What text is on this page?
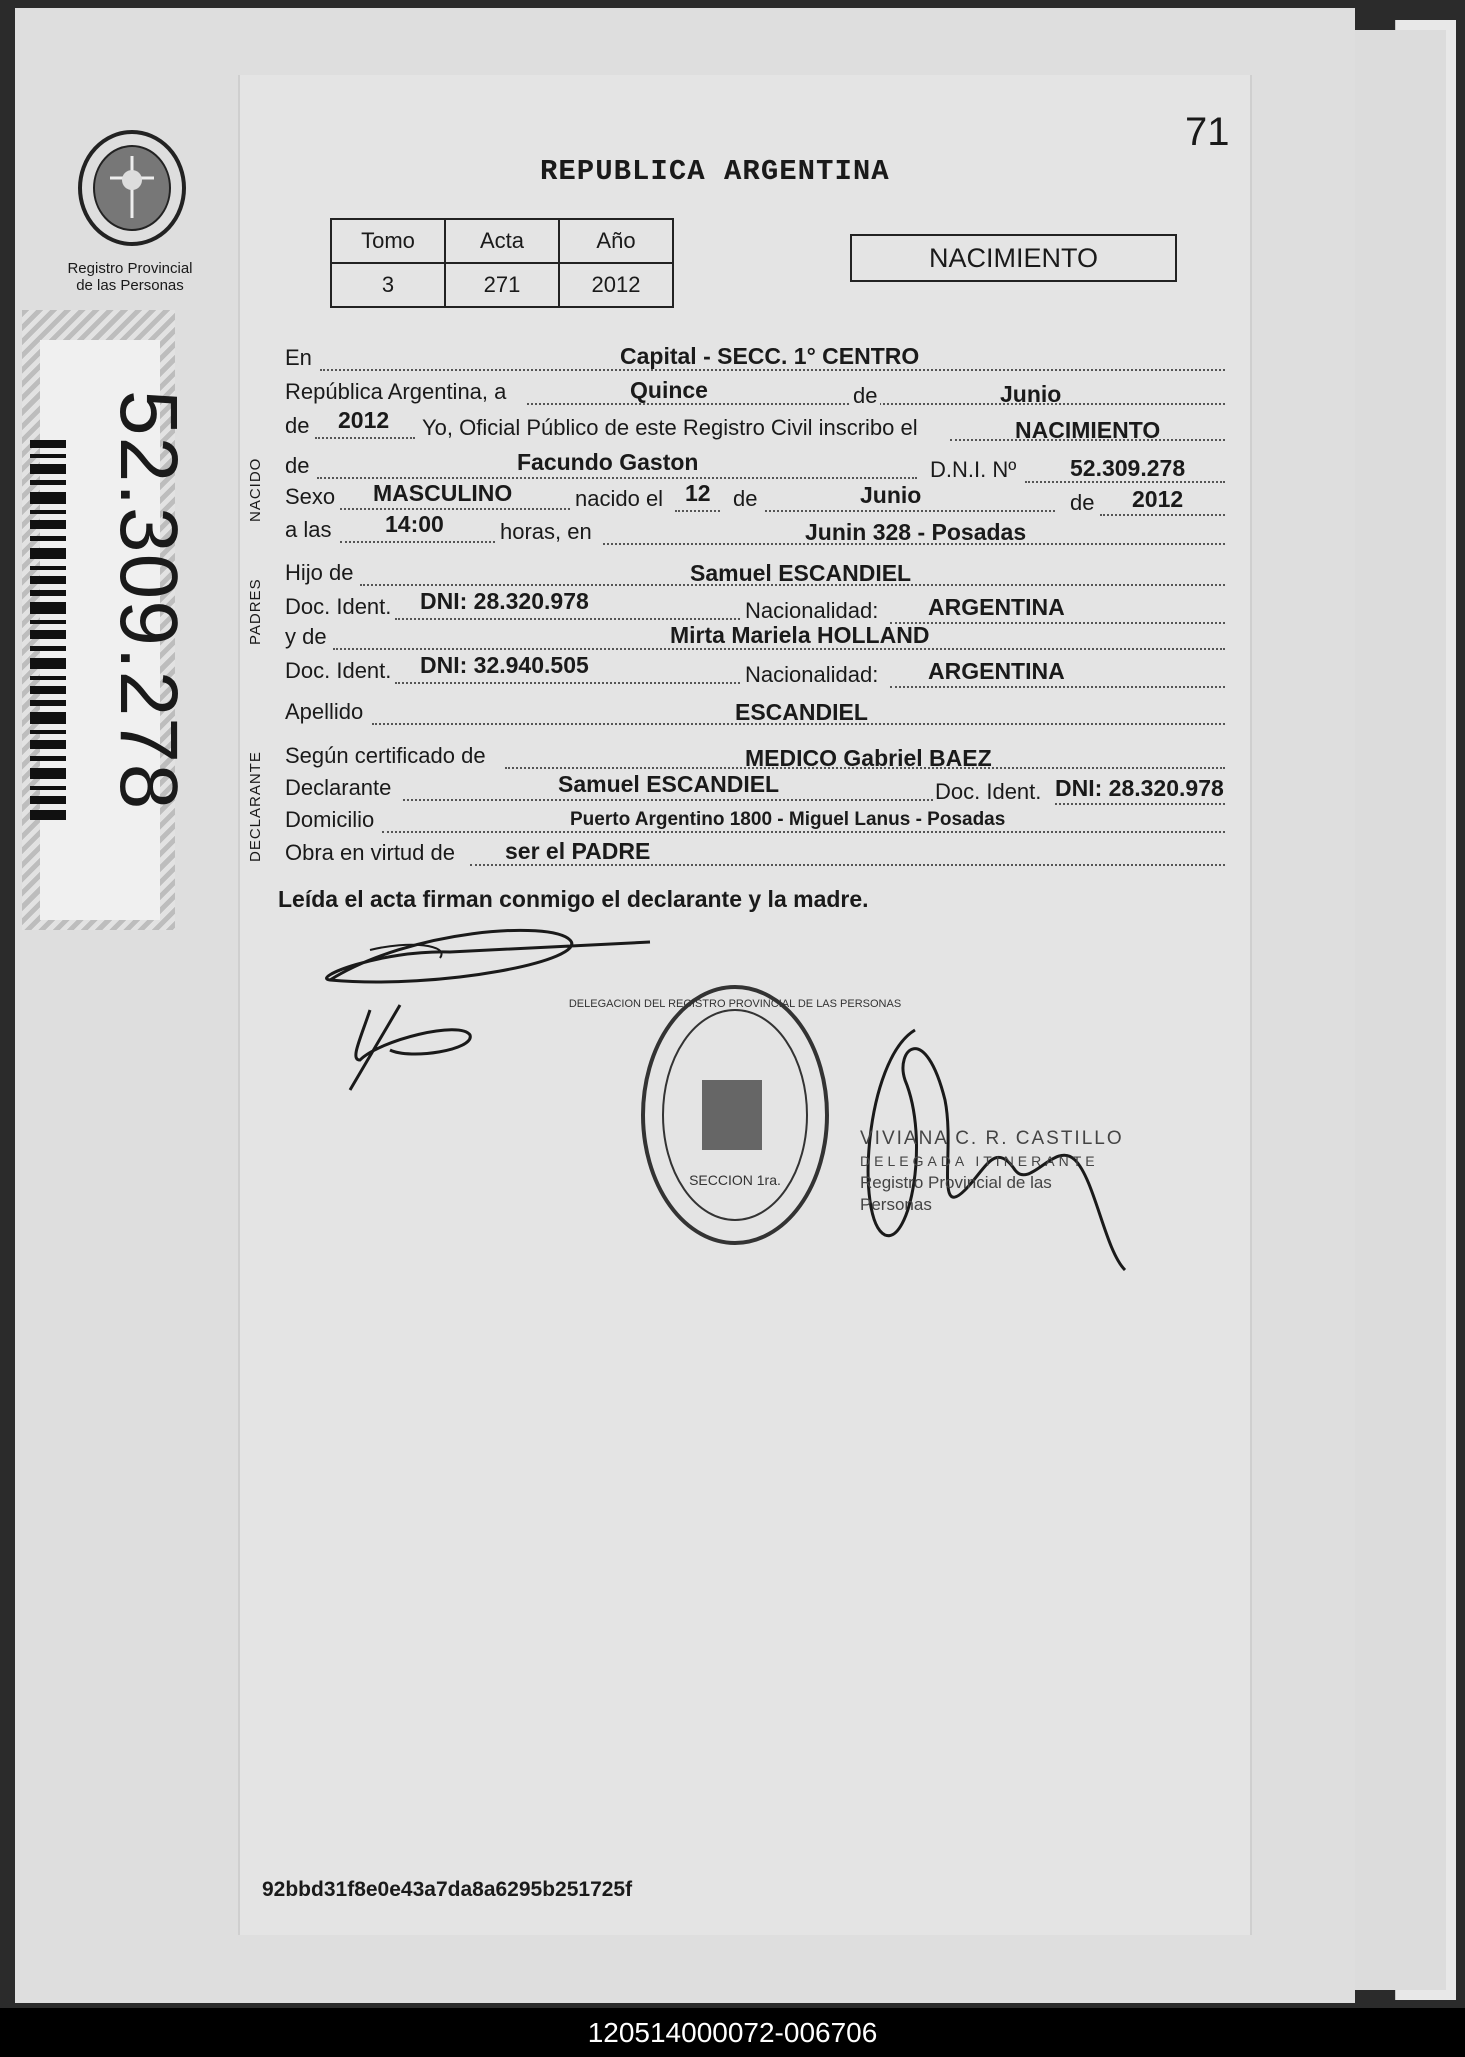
Registro Provincial
de las Personas
52.309.278
71
REPUBLICA ARGENTINA
Tomo	Acta	Año
3	271	2012
NACIMIENTO
NACIDO
PADRES
DECLARANTE
En	Capital - SECC. 1° CENTRO
República Argentina, a	Quince	de	Junio
de 2012 Yo, Oficial Público de este Registro Civil inscribo el	NACIMIENTO
de	Facundo Gaston	D.N.I. Nº 52.309.278
Sexo MASCULINO	nacido el 12 de	Junio	de 2012
a las 14:00	horas, en	Junin 328 - Posadas
Hijo de	Samuel ESCANDIEL
Doc. Ident. DNI: 28.320.978	Nacionalidad: ARGENTINA
y de	Mirta Mariela HOLLAND
Doc. Ident. DNI: 32.940.505	Nacionalidad: ARGENTINA
Apellido	ESCANDIEL
Según certificado de	MEDICO Gabriel BAEZ
Declarante	Samuel ESCANDIEL	Doc. Ident. DNI: 28.320.978
Domicilio	Puerto Argentino 1800 - Miguel Lanus - Posadas
Obra en virtud de ser el PADRE
Leída el acta firman conmigo el declarante y la madre.
SECCION 1ra.
DELEGACION DEL REGISTRO PROVINCIAL DE LAS PERSONAS
VIVIANA C. R. CASTILLO
DELEGADA ITINERANTE
Registro Provincial de las Personas
92bbd31f8e0e43a7da8a6295b251725f
120514000072-006706
